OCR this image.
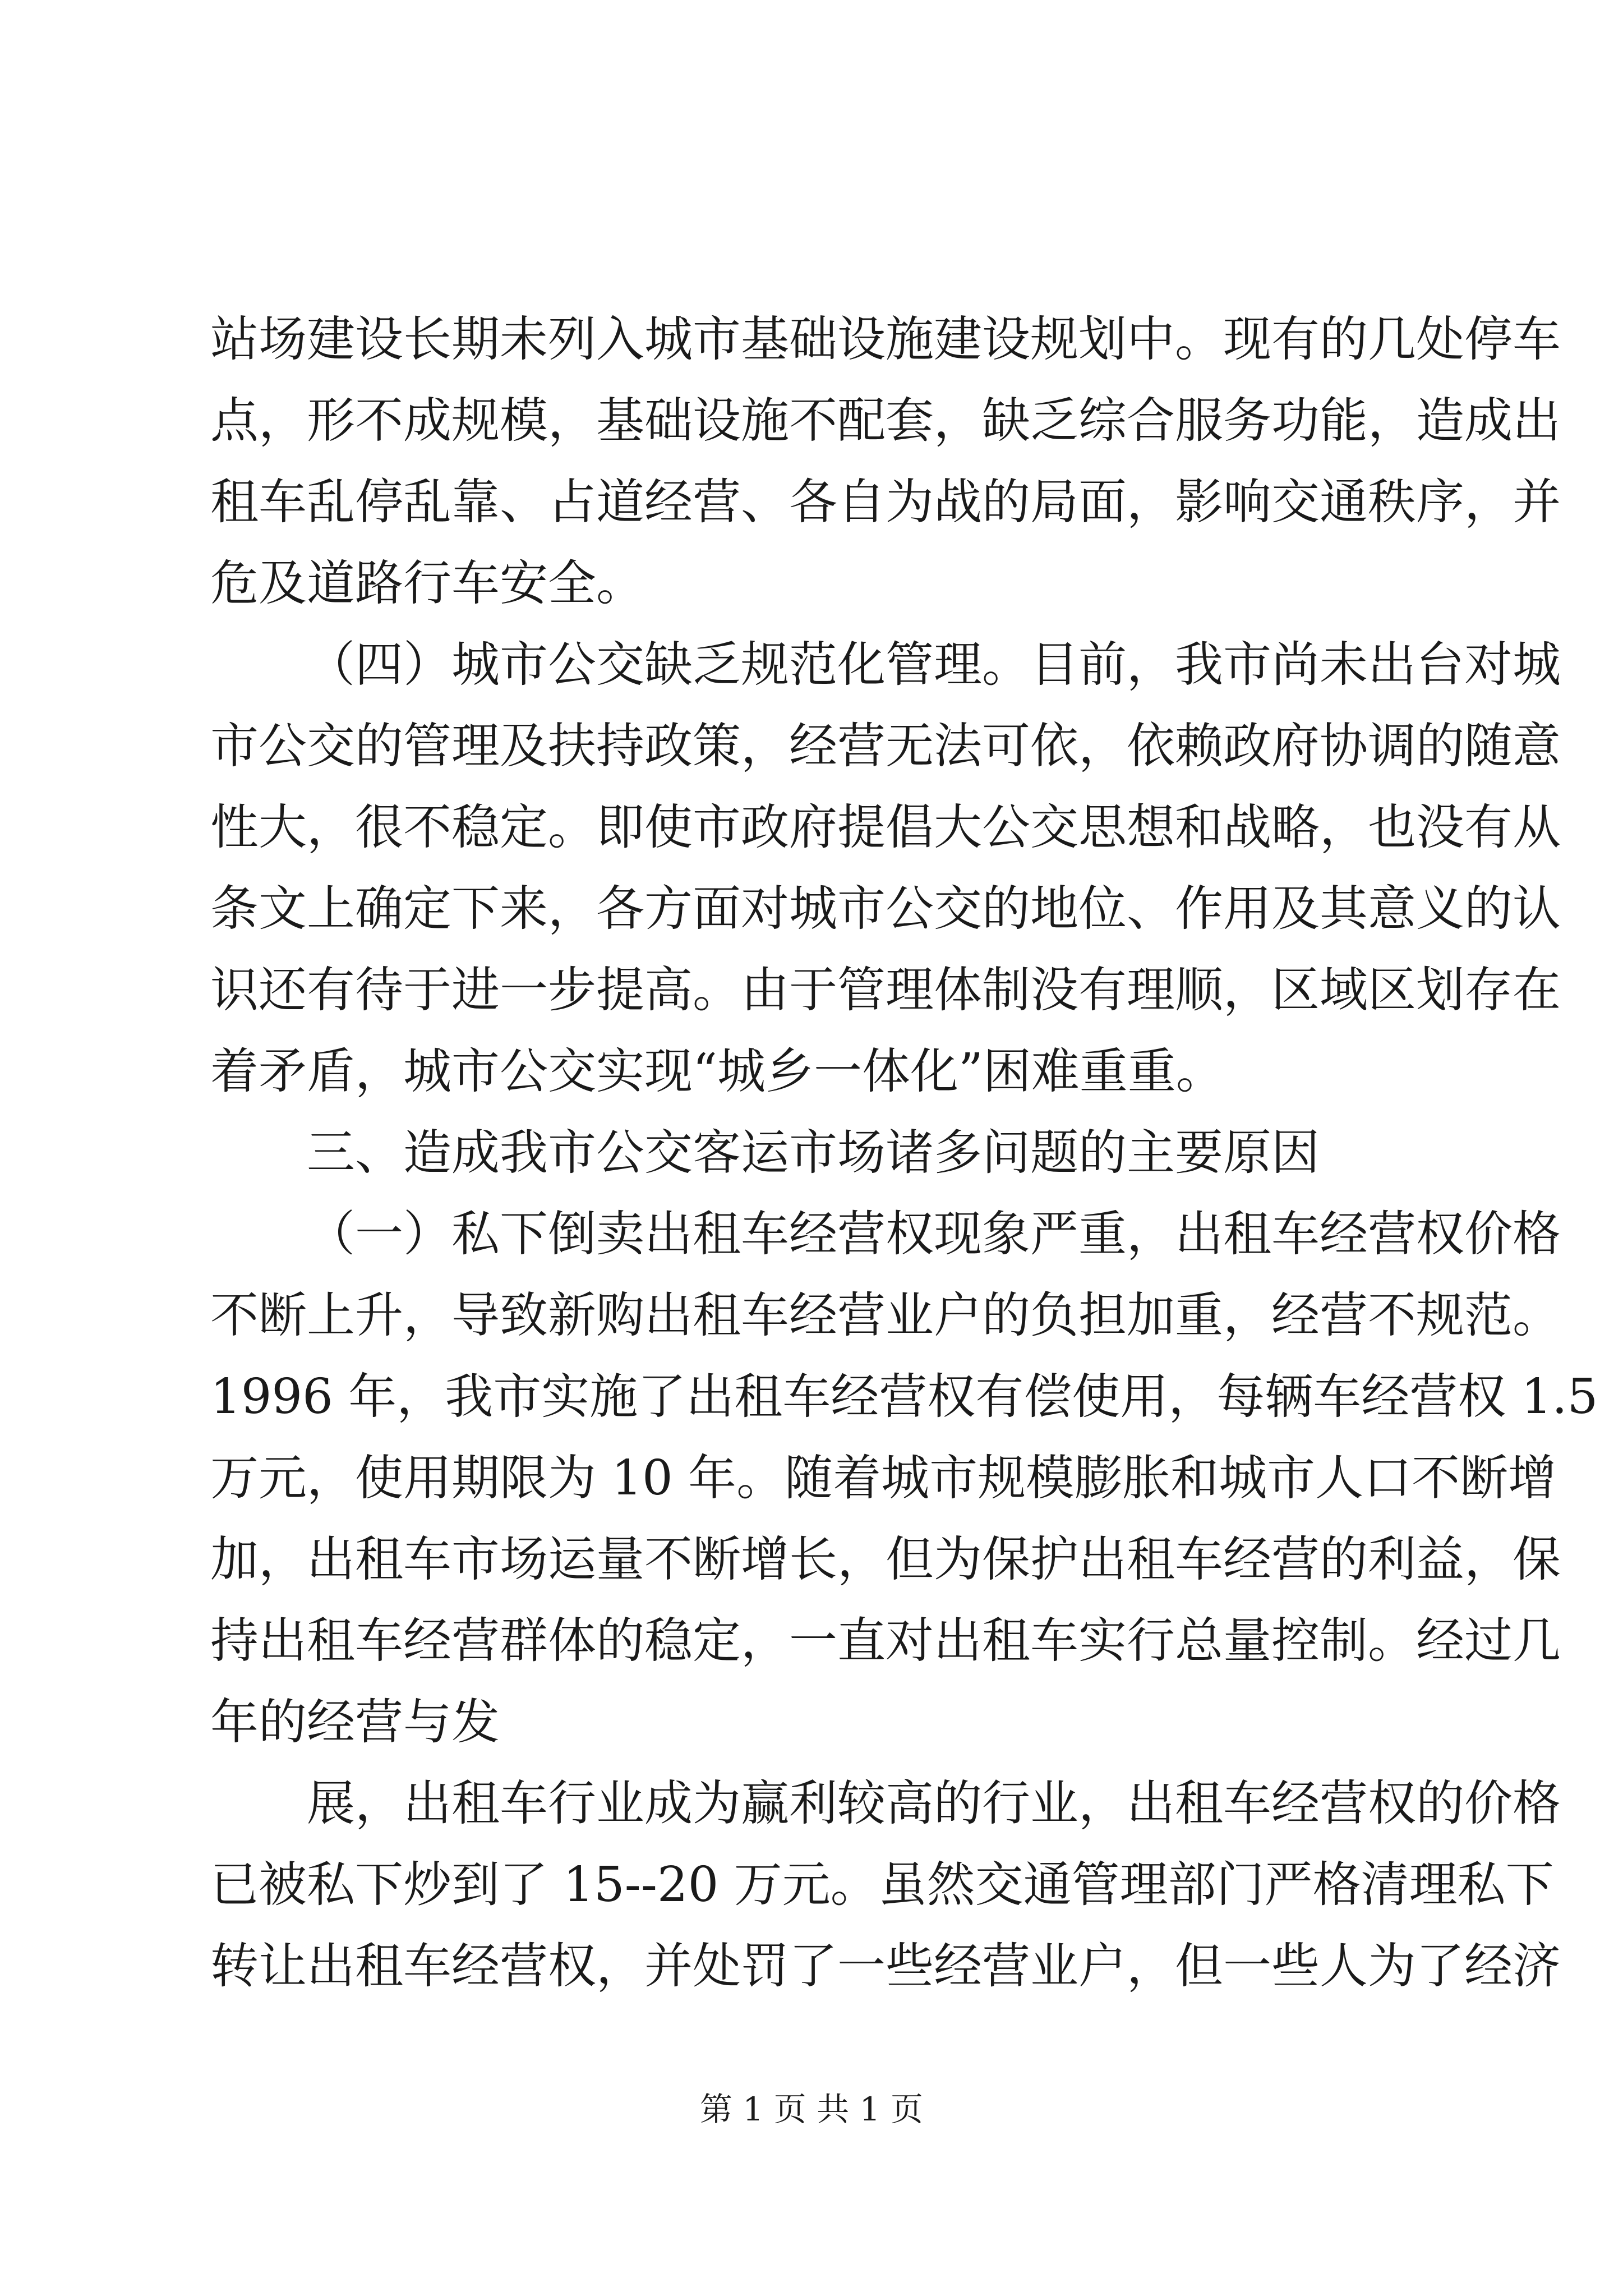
站场建设长期未列入城市基础设施建设规划中。现有的几处停车
点，形不成规模，基础设施不配套，缺乏综合服务功能，造成出
租车乱停乱靠、占道经营、各自为战的局面，影响交通秩序，并
危及道路行车安全。
（四）城市公交缺乏规范化管理。目前，我市尚未出台对城
市公交的管理及扶持政策，经营无法可依，依赖政府协调的随意
性大，很不稳定。即使市政府提倡大公交思想和战略，也没有从
条文上确定下来，各方面对城市公交的地位、作用及其意义的认
识还有待于进一步提高。由于管理体制没有理顺，区域区划存在
着矛盾，城市公交实现“城乡一体化”困难重重。
三、造成我市公交客运市场诸多问题的主要原因
（一）私下倒卖出租车经营权现象严重，出租车经营权价格
不断上升，导致新购出租车经营业户的负担加重，经营不规范。
1996 年，我市实施了出租车经营权有偿使用，每辆车经营权 1.5
万元，使用期限为 10 年。随着城市规模膨胀和城市人口不断增
加，出租车市场运量不断增长，但为保护出租车经营的利益，保
持出租车经营群体的稳定，一直对出租车实行总量控制。经过几
年的经营与发
展，出租车行业成为赢利较高的行业，出租车经营权的价格
已被私下炒到了 15--20 万元。虽然交通管理部门严格清理私下
转让出租车经营权，并处罚了一些经营业户，但一些人为了经济
第 1 页 共 1 页
